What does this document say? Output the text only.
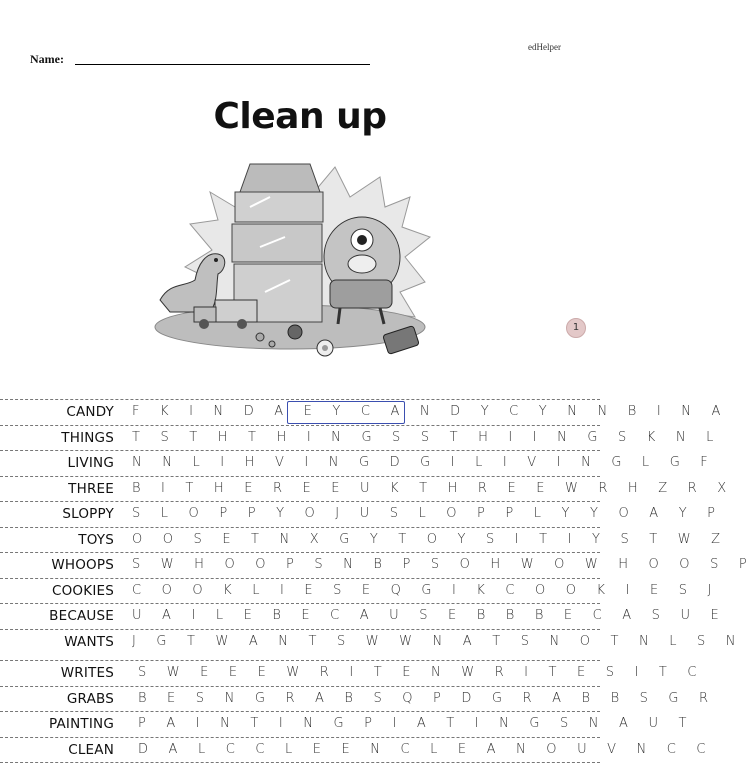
edHelper
Name:
Clean up
1
CANDY F K I N D A E Y C A N D Y C Y N N B I N A
THINGS T S T H T H I N G S S T H I I N G S K N L
LIVING N N L I H V I N G D G I L I V I N G L G F
THREE B I T H E R E E U K T H R E E W R H Z R X
SLOPPY S L O P P Y O J U S L O P P L Y Y O A Y P
TOYS O O S E T N X G Y T O Y S I T I Y S T W Z
WHOOPS S W H O O P S N B P S O H W O W H O O S P
COOKIES C O O K L I E S E Q G I K C O O K I E S J
BECAUSE U A I L E B E C A U S E B B B E C A S U E
WANTS J G T W A N T S W W N A T S N O T N L S N
WRITES S W E E E W R I T E N W R I T E S I T C
GRABS B E S N G R A B S Q P D G R A B B S G R
PAINTING P A I N T I N G P I A T I N G S N A U T
CLEAN D A L C C L E E N C L E A N O U V N C C
